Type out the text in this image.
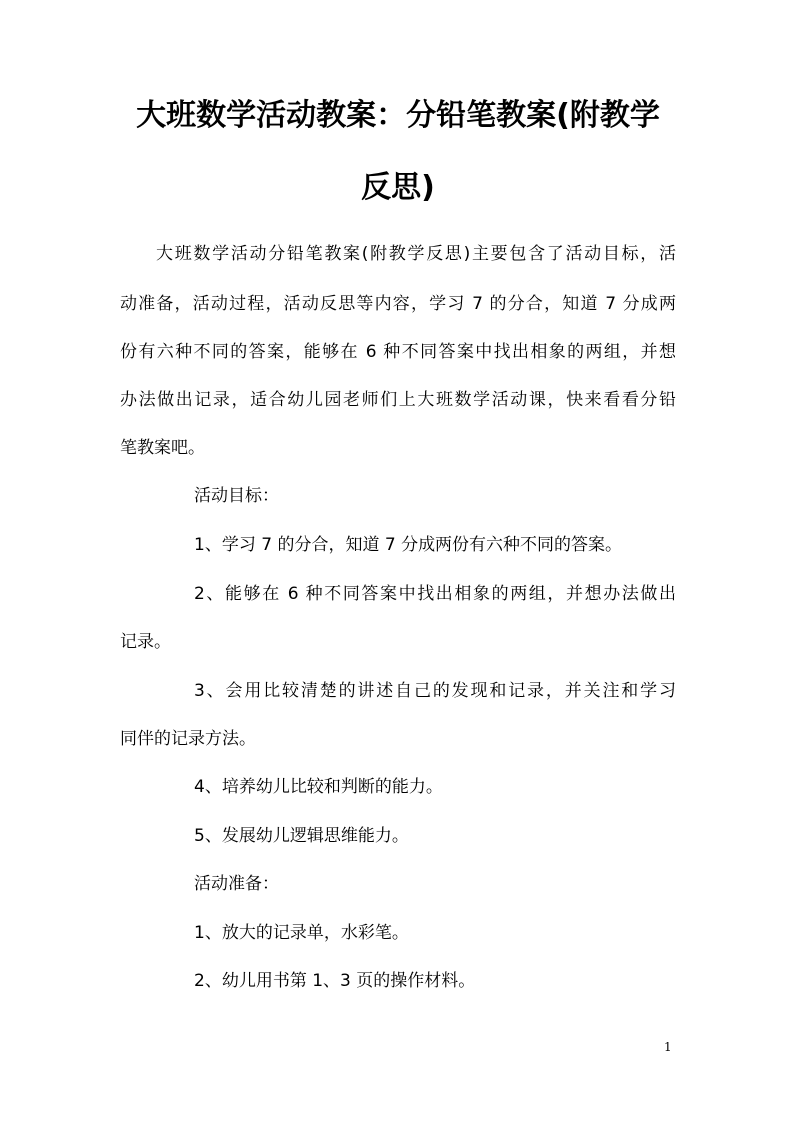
大班数学活动教案：分铅笔教案(附教学
反思)
大班数学活动分铅笔教案(附教学反思)主要包含了活动目标，活
动准备，活动过程，活动反思等内容，学习 7 的分合，知道 7 分成两
份有六种不同的答案，能够在 6 种不同答案中找出相象的两组，并想
办法做出记录，适合幼儿园老师们上大班数学活动课，快来看看分铅
笔教案吧。
活动目标：
1、学习 7 的分合，知道 7 分成两份有六种不同的答案。
2、能够在 6 种不同答案中找出相象的两组，并想办法做出
记录。
3、会用比较清楚的讲述自己的发现和记录，并关注和学习
同伴的记录方法。
4、培养幼儿比较和判断的能力。
5、发展幼儿逻辑思维能力。
活动准备：
1、放大的记录单，水彩笔。
2、幼儿用书第 1、3 页的操作材料。
1
